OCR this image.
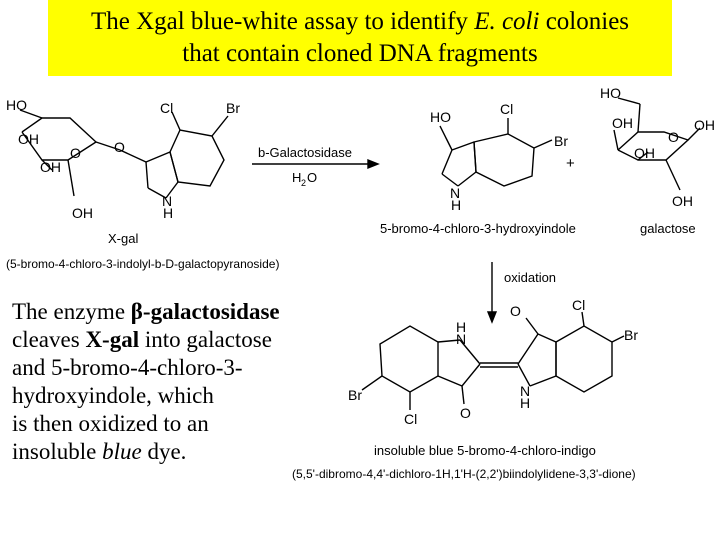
The Xgal blue-white assay to identify E. coli colonies
that contain cloned DNA fragments
HO
OH
O
OH
OH
O
Cl	Br
N
H
X-gal
(5-bromo-4-chloro-3-indolyl-b-D-galactopyranoside)
b-Galactosidase
H 2 O
HO	Cl
Br
N
H
+
5-bromo-4-chloro-3-hydroxyindole
HO
OH
O
OH
OH
OH
galactose
oxidation
O	Cl
Br
H
N
Br
O
N
H
Cl
insoluble blue 5-bromo-4-chloro-indigo
(5,5'-dibromo-4,4'-dichloro-1H,1'H-(2,2')biindolylidene-3,3'-dione)
The enzyme β-galactosidase
cleaves X-gal into galactose
and 5-bromo-4-chloro-3-
hydroxyindole, which
is then oxidized to an
insoluble blue dye.
